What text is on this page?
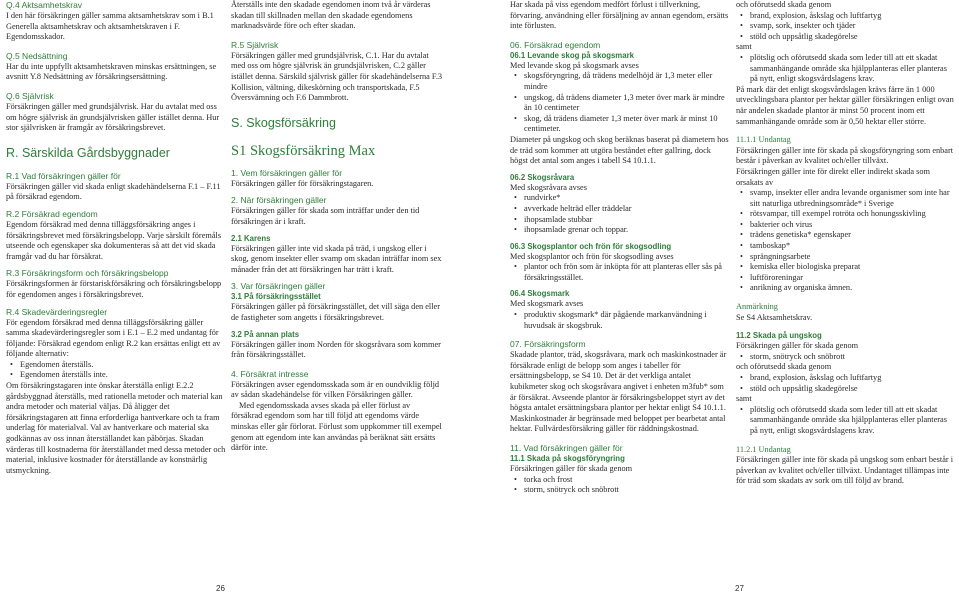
Q.4 Aktsamhetskrav

I den här försäkringen gäller samma aktsamhetskrav som i B.1 Generella aktsamhetskrav och aktsamhetskraven i F. Egendomsskador.

Q.5 Nedsättning

Har du inte uppfyllt aktsamhetskraven minskas ersättningen, se avsnitt Y.8 Nedsättning av försäkringsersättning.

Q.6 Självrisk

Försäkringen gäller med grundsjälvrisk. Har du avtalat med oss om högre självrisk än grundsjälvrisken gäller istället denna. Hur stor självrisken är framgår av försäkringsbrevet.

R. Särskilda Gårdsbyggnader

R.1 Vad försäkringen gäller för

Försäkringen gäller vid skada enligt skadehändelserna F.1 – F.11 på försäkrad egendom.

R.2 Försäkrad egendom

Egendom försäkrad med denna tilläggsförsäkring anges i försäkringsbrevet med försäkringsbelopp. Varje särskilt föremåls utseende och egenskaper ska dokumenteras så att det vid skada framgår vad du har försäkrat.

R.3 Försäkringsform och försäkringsbelopp

Försäkringsformen är förstariskförsäkring och försäkringsbelopp för egendomen anges i försäkringsbrevet.

R.4 Skadevärderingsregler

För egendom försäkrad med denna tilläggsförsäkring gäller samma skadevärderingsregler som i E.1 – E.2 med undantag för följande: Försäkrad egendom enligt R.2 kan ersättas enligt ett av följande alternativ:

• Egendomen återställs.
• Egendomen återställs inte.

Om försäkringstagaren inte önskar återställa enligt E.2.2 gårdsbyggnad återställs, med rationella metoder och material kan andra metoder och material väljas. Då åligger det försäkringstagaren att finna erforderliga hantverkare och ta fram underlag för materialval. Val av hantverkare och material ska godkännas av oss innan återställandet kan påbörjas. Skadan värderas till kostnaderna för återställandet med dessa metoder och material, inklusive kostnader för återställande av konstnärlig utsmyckning.

Återställs inte den skadade egendomen inom två år värderas skadan till skillnaden mellan den skadade egendomens marknadsvärde före och efter skadan.

R.5 Självrisk

Försäkringen gäller med grundsjälvrisk, C.1. Har du avtalat med oss om högre självrisk än grundsjälvrisken, C.2 gäller istället denna. Särskild självrisk gäller för skadehändelserna F.3 Kollision, vältning, dikeskörning och transportskada, F.5 Översvämning och F.6 Dammbrott.

S. Skogsförsäkring

S1 Skogsförsäkring Max

1. Vem försäkringen gäller för

Försäkringen gäller för försäkringstagaren.

2. När försäkringen gäller

Försäkringen gäller för skada som inträffar under den tid försäkringen är i kraft.

2.1 Karens

Försäkringen gäller inte vid skada på träd, i ungskog eller i skog, genom insekter eller svamp om skadan inträffar inom sex månader från det att försäkringen har trätt i kraft.

3. Var försäkringen gäller

3.1 På försäkringsstället

Försäkringen gäller på försäkringsstället, det vill säga den eller de fastigheter som angetts i försäkringsbrevet.

3.2 På annan plats

Försäkringen gäller inom Norden för skogsråvara som kommer från försäkringsstället.

4. Försäkrat intresse

Försäkringen avser egendomsskada som är en oundviklig följd av sådan skadehändelse för vilken Försäkringen gäller.

Med egendomsskada avses skada på eller förlust av försäkrad egendom som har till följd att egendoms värde minskas eller går förlorat. Förlust som uppkommer till exempel genom att egendom inte kan användas på beräknat sätt ersätts därför inte.

26

Har skada på viss egendom medfört förlust i tillverkning, förvaring, användning eller försäljning av annan egendom, ersätts inte förlusten.

06. Försäkrad egendom

06.1 Levande skog på skogsmark

Med levande skog på skogsmark avses

• skogsföryngring, då trädens medelhöjd är 1,3 meter eller mindre
• ungskog, då trädens diameter 1,3 meter över mark är mindre än 10 centimeter
• skog, då trädens diameter 1,3 meter över mark är minst 10 centimeter.

Diameter på ungskog och skog beräknas baserat på diametern hos de träd som kommer att utgöra beståndet efter gallring, dock högst det antal som anges i tabell S4 10.1.1.

06.2 Skogsråvara

Med skogsråvara avses

• rundvirke*
• avverkade helträd eller träddelar
• ihopsamlade stubbar
• ihopsamlade grenar och toppar.

06.3 Skogsplantor och frön för skogsodling

Med skogsplantor och frön för skogsodling avses

• plantor och frön som är inköpta för att planteras eller sås på försäkringsstället.

06.4 Skogsmark

Med skogsmark avses

• produktiv skogsmark* där pågående markanvändning i huvudsak är skogsbruk.

07. Försäkringsform

Skadade plantor, träd, skogsråvara, mark och maskinkostnader är försäkrade enligt de belopp som anges i tabeller för ersättningsbelopp, se S4 10. Det är det verkliga antalet kubikmeter skog och skogsråvara angivet i enheten m3fub* som är försäkrat. Avseende plantor är försäkringsbeloppet styrt av det högsta antalet ersättningsbara plantor per hektar enligt S4 10.1.1. Maskinkostnader är begränsade med beloppet per bearbetat antal hektar. Fullvärdesförsäkring gäller för räddningskostnad.

11. Vad försäkringen gäller för

11.1 Skada på skogsföryngring

Försäkringen gäller för skada genom

• torka och frost
• storm, snötryck och snöbrott

och oförutsedd skada genom

• brand, explosion, åskslag och luftfartyg
• svamp, sork, insekter och tjäder
• stöld och uppsåtlig skadegörelse

samt

• plötslig och oförutsedd skada som leder till att ett skadat sammanhängande område ska hjälpplanteras eller planteras på nytt, enligt skogsvårdslagens krav.

På mark där det enligt skogsvårdslagen krävs färre än 1 000 utvecklingsbara plantor per hektar gäller försäkringen enligt ovan när andelen skadade plantor är minst 50 procent inom ett sammanhängande område som är 0,50 hektar eller större.

11.1.1 Undantag

Försäkringen gäller inte för skada på skogsföryngring som enbart består i påverkan av kvalitet och/eller tillväxt.

Försäkringen gäller inte för direkt eller indirekt skada som orsakats av

• svamp, insekter eller andra levande organismer som inte har sitt naturliga utbredningsområde* i Sverige
• rötsvampar, till exempel rotröta och honungsskivling
• bakterier och virus
• trädens genetiska* egenskaper
• tamboskap*
• sprängningsarbete
• kemiska eller biologiska preparat
• luftföroreningar
• anrikning av organiska ämnen.

Anmärkning

Se S4 Aktsamhetskrav.

11.2 Skada på ungskog

Försäkringen gäller för skada genom

• storm, snötryck och snöbrott

och oförutsedd skada genom

• brand, explosion, åskslag och luftfartyg
• stöld och uppsåtlig skadegörelse

samt

• plötslig och oförutsedd skada som leder till att ett skadat sammanhängande område ska hjälpplanteras eller planteras på nytt, enligt skogsvårdslagens krav.

11.2.1 Undantag

Försäkringen gäller inte för skada på ungskog som enbart består i påverkan av kvalitet och/eller tillväxt. Undantaget tillämpas inte för träd som skadats av sork om till följd av brand.

27
